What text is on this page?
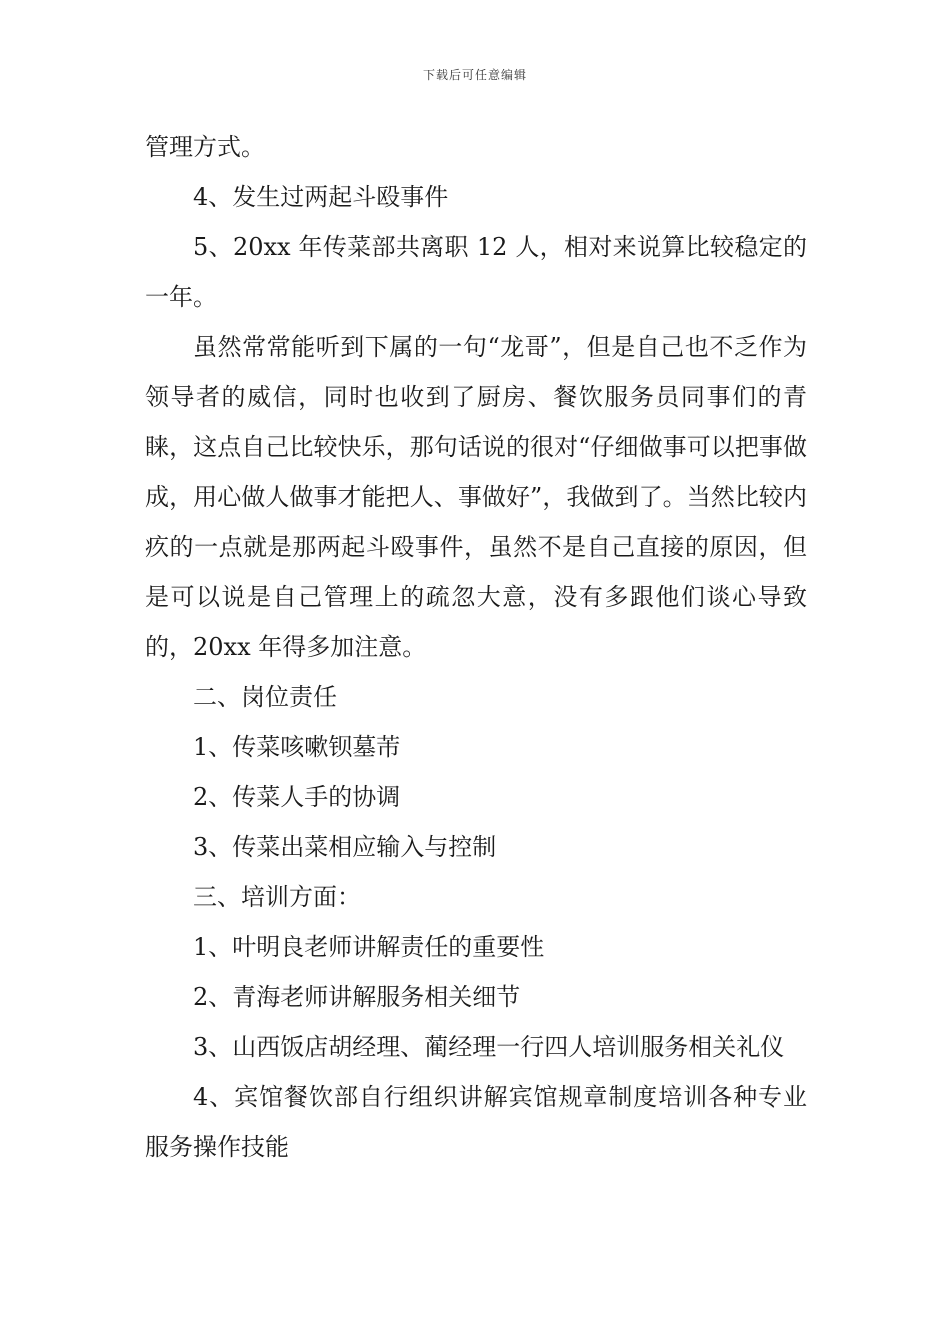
下载后可任意编辑

管理方式。

4、发生过两起斗殴事件

5、20xx 年传菜部共离职 12 人，相对来说算比较稳定的一年。

虽然常常能听到下属的一句“龙哥”，但是自己也不乏作为领导者的威信，同时也收到了厨房、餐饮服务员同事们的青睐，这点自己比较快乐，那句话说的很对“仔细做事可以把事做成，用心做人做事才能把人、事做好”，我做到了。当然比较内疚的一点就是那两起斗殴事件，虽然不是自己直接的原因，但是可以说是自己管理上的疏忽大意，没有多跟他们谈心导致的，20xx 年得多加注意。

二、岗位责任

1、传菜咳嗽钡墓芾

2、传菜人手的协调

3、传菜出菜相应输入与控制

三、培训方面：

1、叶明良老师讲解责任的重要性

2、青海老师讲解服务相关细节

3、山西饭店胡经理、蔺经理一行四人培训服务相关礼仪

4、宾馆餐饮部自行组织讲解宾馆规章制度培训各种专业服务操作技能
